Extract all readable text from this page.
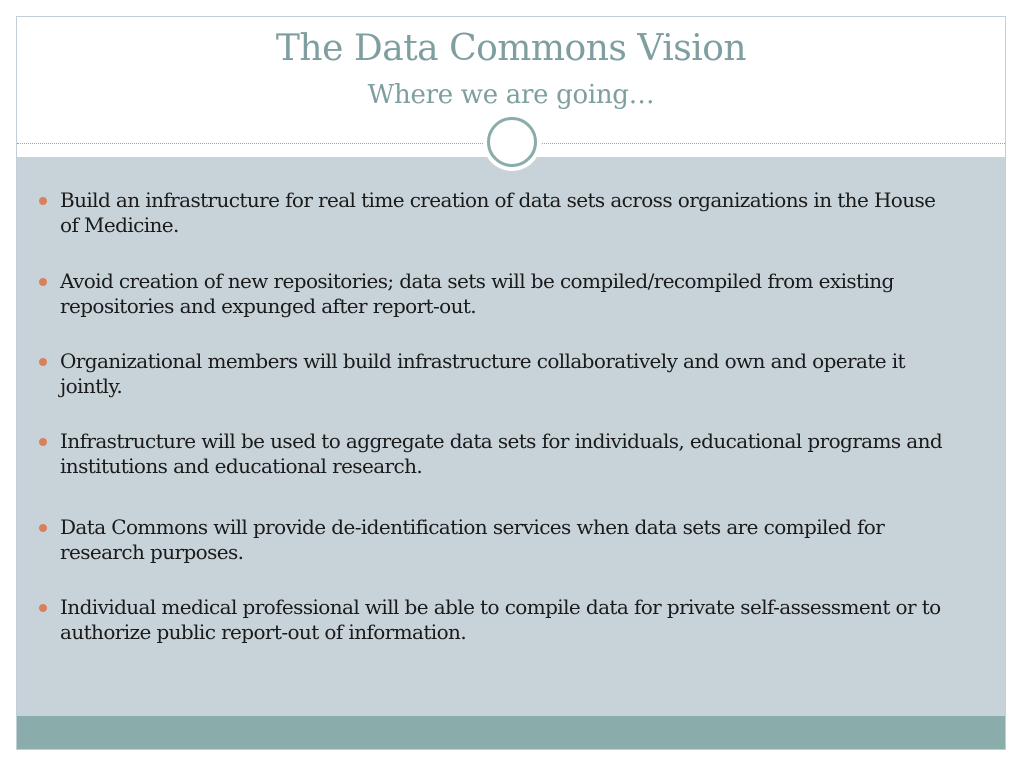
The Data Commons Vision
Where we are going…
Build an infrastructure for real time creation of data sets across organizations in the House of Medicine.
Avoid creation of new repositories; data sets will be compiled/recompiled from existing repositories and expunged after report-out.
Organizational members will build infrastructure collaboratively and own and operate it jointly.
Infrastructure will be used to aggregate data sets for individuals, educational programs and institutions and educational research.
Data Commons will provide de-identification services when data sets are compiled for research purposes.
Individual medical professional will be able to compile data for private self-assessment or to authorize public report-out of information.
